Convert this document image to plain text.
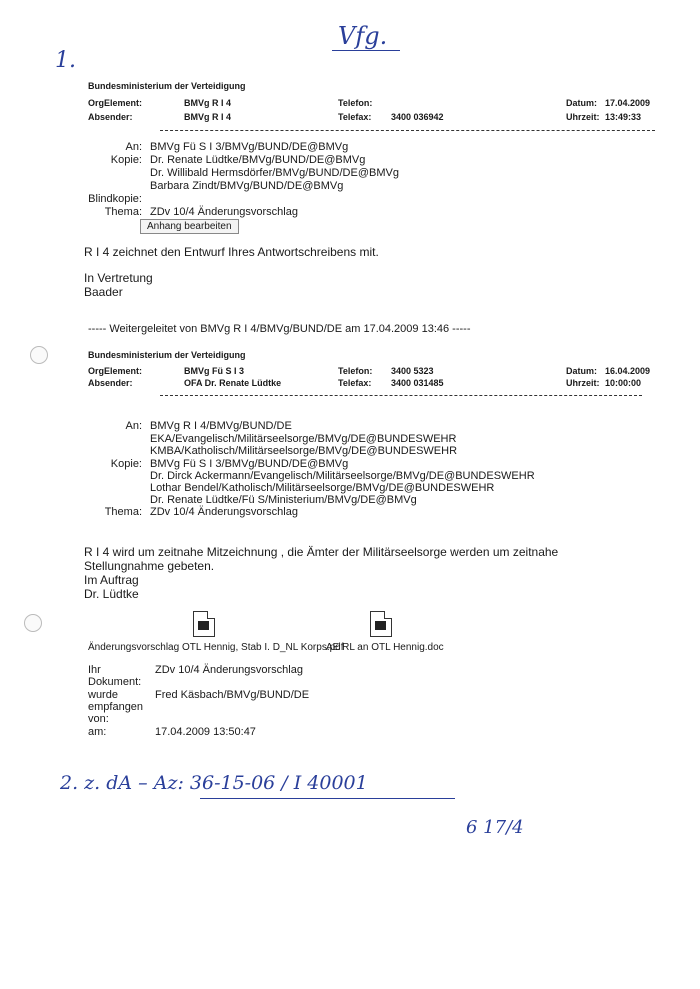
1.
Vfg.
Bundesministerium der Verteidigung
OrgElement:	BMVg R I 4
Absender:	BMVg R I 4
Telefon:
Telefax: 3400 036942
Datum: 17.04.2009
Uhrzeit: 13:49:33
An: BMVg Fü S I 3/BMVg/BUND/DE@BMVg
Kopie: Dr. Renate Lüdtke/BMVg/BUND/DE@BMVg
Dr. Willibald Hermsdörfer/BMVg/BUND/DE@BMVg
Barbara Zindt/BMVg/BUND/DE@BMVg
Blindkopie:
Thema: ZDv 10/4 Änderungsvorschlag
Anhang bearbeiten
R I 4 zeichnet den Entwurf Ihres Antwortschreibens mit.
In Vertretung
Baader
----- Weitergeleitet von BMVg R I 4/BMVg/BUND/DE am 17.04.2009 13:46 -----
Bundesministerium der Verteidigung
OrgElement:	BMVg Fü S I 3
Absender:	OFA Dr. Renate Lüdtke
Telefon: 3400 5323
Telefax: 3400 031485
Datum: 16.04.2009
Uhrzeit: 10:00:00
An: BMVg R I 4/BMVg/BUND/DE
EKA/Evangelisch/Militärseelsorge/BMVg/DE@BUNDESWEHR
KMBA/Katholisch/Militärseelsorge/BMVg/DE@BUNDESWEHR
Kopie: BMVg Fü S I 3/BMVg/BUND/DE@BMVg
Dr. Dirck Ackermann/Evangelisch/Militärseelsorge/BMVg/DE@BUNDESWEHR
Lothar Bendel/Katholisch/Militärseelsorge/BMVg/DE@BUNDESWEHR
Dr. Renate Lüdtke/Fü S/Ministerium/BMVg/DE@BMVg
Thema: ZDv 10/4 Änderungsvorschlag
R I 4 wird um zeitnahe Mitzeichnung , die Ämter der Militärseelsorge werden um zeitnahe
Stellungnahme gebeten.
Im Auftrag
Dr. Lüdtke
Änderungsvorschlag OTL Hennig, Stab I. D_NL Korps.pdf
AE RL an OTL Hennig.doc
Ihr
Dokument:
ZDv 10/4 Änderungsvorschlag
wurde
empfangen
von:
Fred Käsbach/BMVg/BUND/DE
am:	17.04.2009 13:50:47
2. z. dA – Az: 36-15-06 / I 40001
6 17/4
